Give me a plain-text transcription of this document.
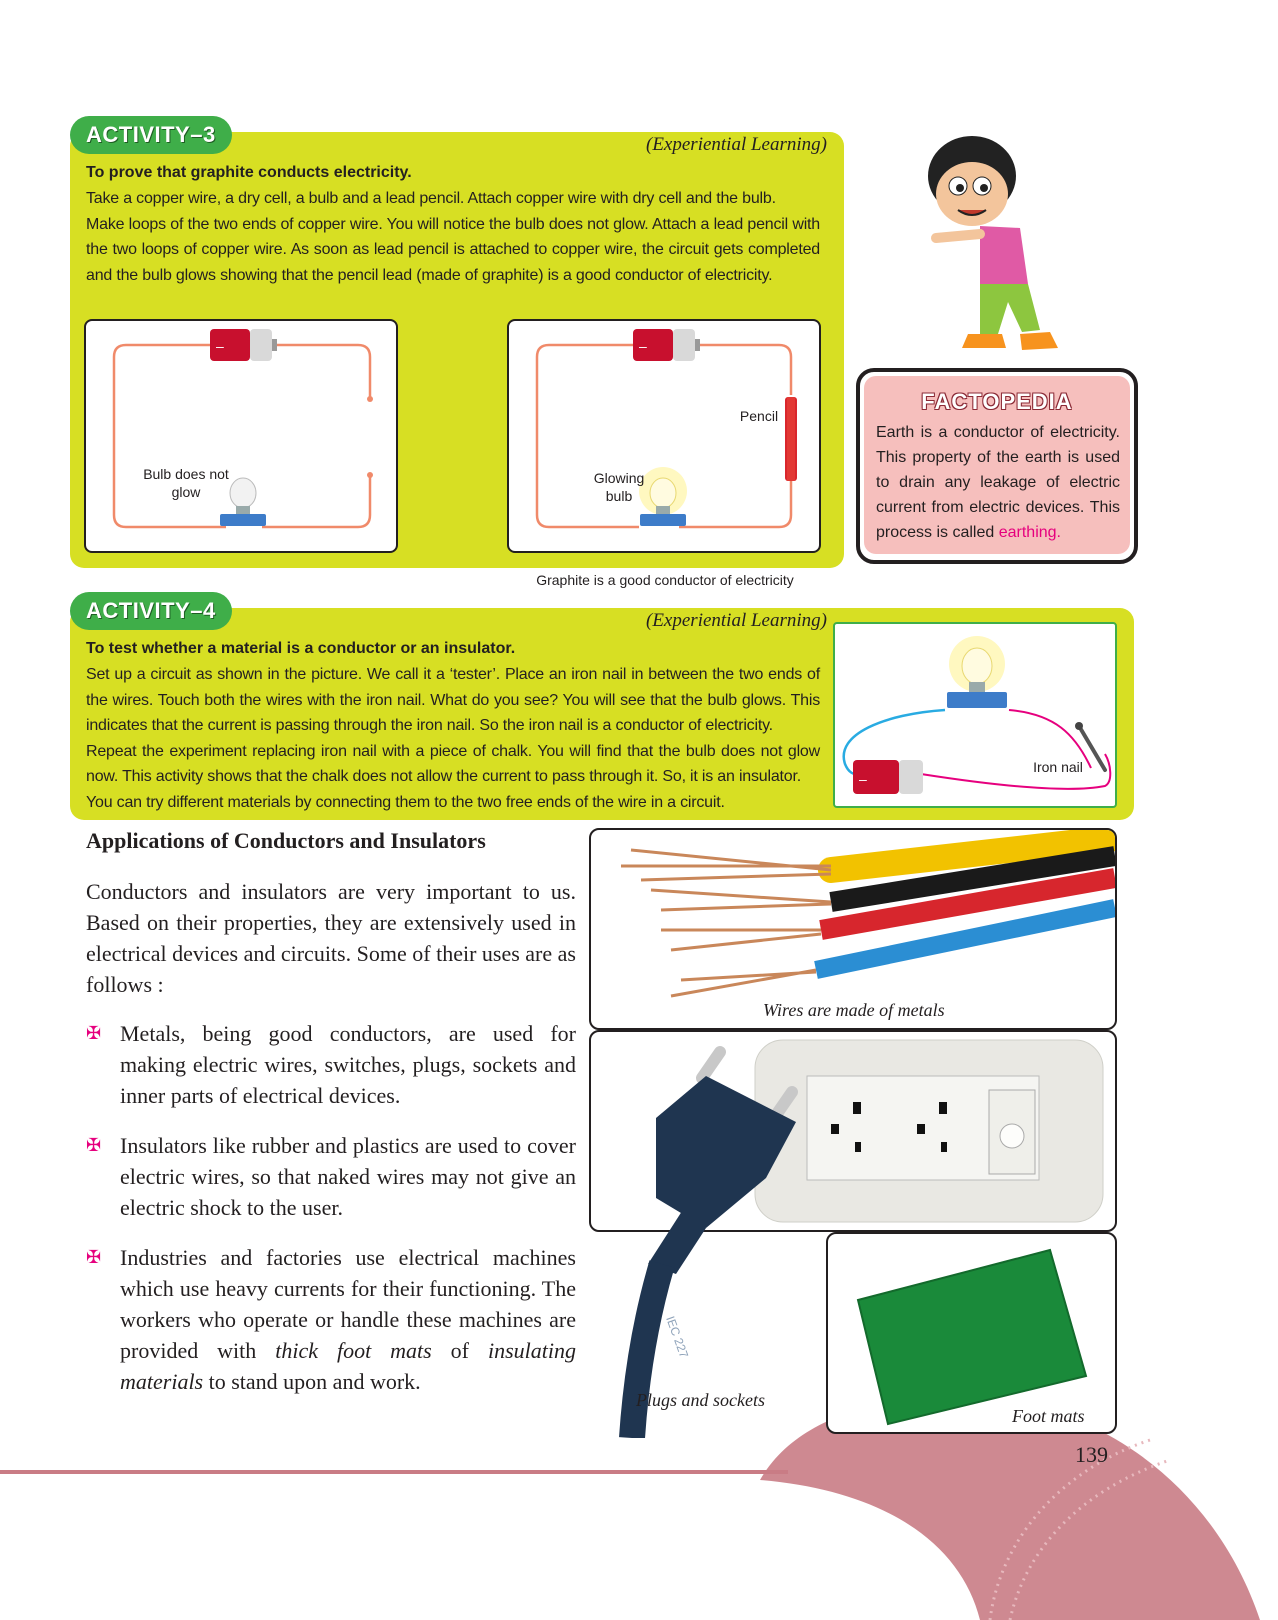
ACTIVITY–3	(Experiential Learning)
To prove that graphite conducts electricity.

Take a copper wire, a dry cell, a bulb and a lead pencil. Attach copper wire with dry cell and the bulb.

Make loops of the two ends of copper wire. You will notice the bulb does not glow. Attach a lead pencil with the two loops of copper wire. As soon as lead pencil is attached to copper wire, the circuit gets completed and the bulb glows showing that the pencil lead (made of graphite) is a good conductor of electricity.

–
Bulb does not
glow
–
Pencil
Glowing
bulb
Graphite is a good conductor of electricity
FACTOPEDIA
Earth is a conductor of electricity. This property of the earth is used to drain any leakage of electric current from electric devices. This process is called earthing.
ACTIVITY–4	(Experiential Learning)
To test whether a material is a conductor or an insulator.

Set up a circuit as shown in the picture. We call it a ‘tester’. Place an iron nail in between the two ends of the wires. Touch both the wires with the iron nail. What do you see? You will see that the bulb glows. This indicates that the current is passing through the iron nail. So the iron nail is a conductor of electricity.

Repeat the experiment replacing iron nail with a piece of chalk. You will find that the bulb does not glow now. This activity shows that the chalk does not allow the current to pass through it. So, it is an insulator.

You can try different materials by connecting them to the two free ends of the wire in a circuit.

–
Iron nail
Applications of Conductors and Insulators
Conductors and insulators are very important to us. Based on their properties, they are extensively used in electrical devices and circuits. Some of their uses are as follows :
✠ Metals, being good conductors, are used for making electric wires, switches, plugs, sockets and inner parts of electrical devices.
✠ Insulators like rubber and plastics are used to cover electric wires, so that naked wires may not give an electric shock to the user.
✠ Industries and factories use electrical machines which use heavy currents for their functioning. The workers who operate or handle these machines are provided with thick foot mats of insulating materials to stand upon and work.
Wires are made of metals
Foot mats
IEC 227
Plugs and sockets
139
